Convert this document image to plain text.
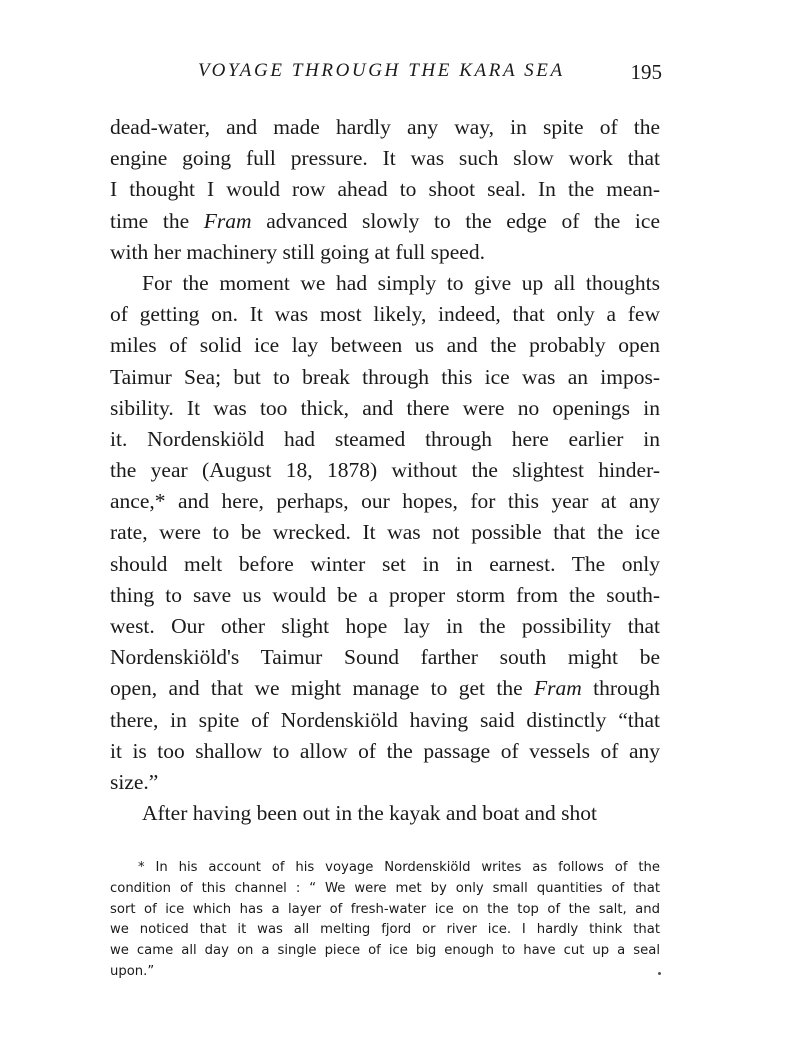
VOYAGE THROUGH THE KARA SEA	195
dead-water, and made hardly any way, in spite of the
engine going full pressure. It was such slow work that
I thought I would row ahead to shoot seal. In the mean-
time the Fram advanced slowly to the edge of the ice
with her machinery still going at full speed.
For the moment we had simply to give up all thoughts
of getting on. It was most likely, indeed, that only a few
miles of solid ice lay between us and the probably open
Taimur Sea; but to break through this ice was an impos-
sibility. It was too thick, and there were no openings in
it. Nordenskiöld had steamed through here earlier in
the year (August 18, 1878) without the slightest hinder-
ance,* and here, perhaps, our hopes, for this year at any
rate, were to be wrecked. It was not possible that the ice
should melt before winter set in in earnest. The only
thing to save us would be a proper storm from the south-
west. Our other slight hope lay in the possibility that
Nordenskiöld's Taimur Sound farther south might be
open, and that we might manage to get the Fram through
there, in spite of Nordenskiöld having said distinctly “that
it is too shallow to allow of the passage of vessels of any
size.”
After having been out in the kayak and boat and shot
* In his account of his voyage Nordenskiöld writes as follows of the
condition of this channel : “ We were met by only small quantities of that
sort of ice which has a layer of fresh-water ice on the top of the salt, and
we noticed that it was all melting fjord or river ice. I hardly think that
we came all day on a single piece of ice big enough to have cut up a seal
upon.”
